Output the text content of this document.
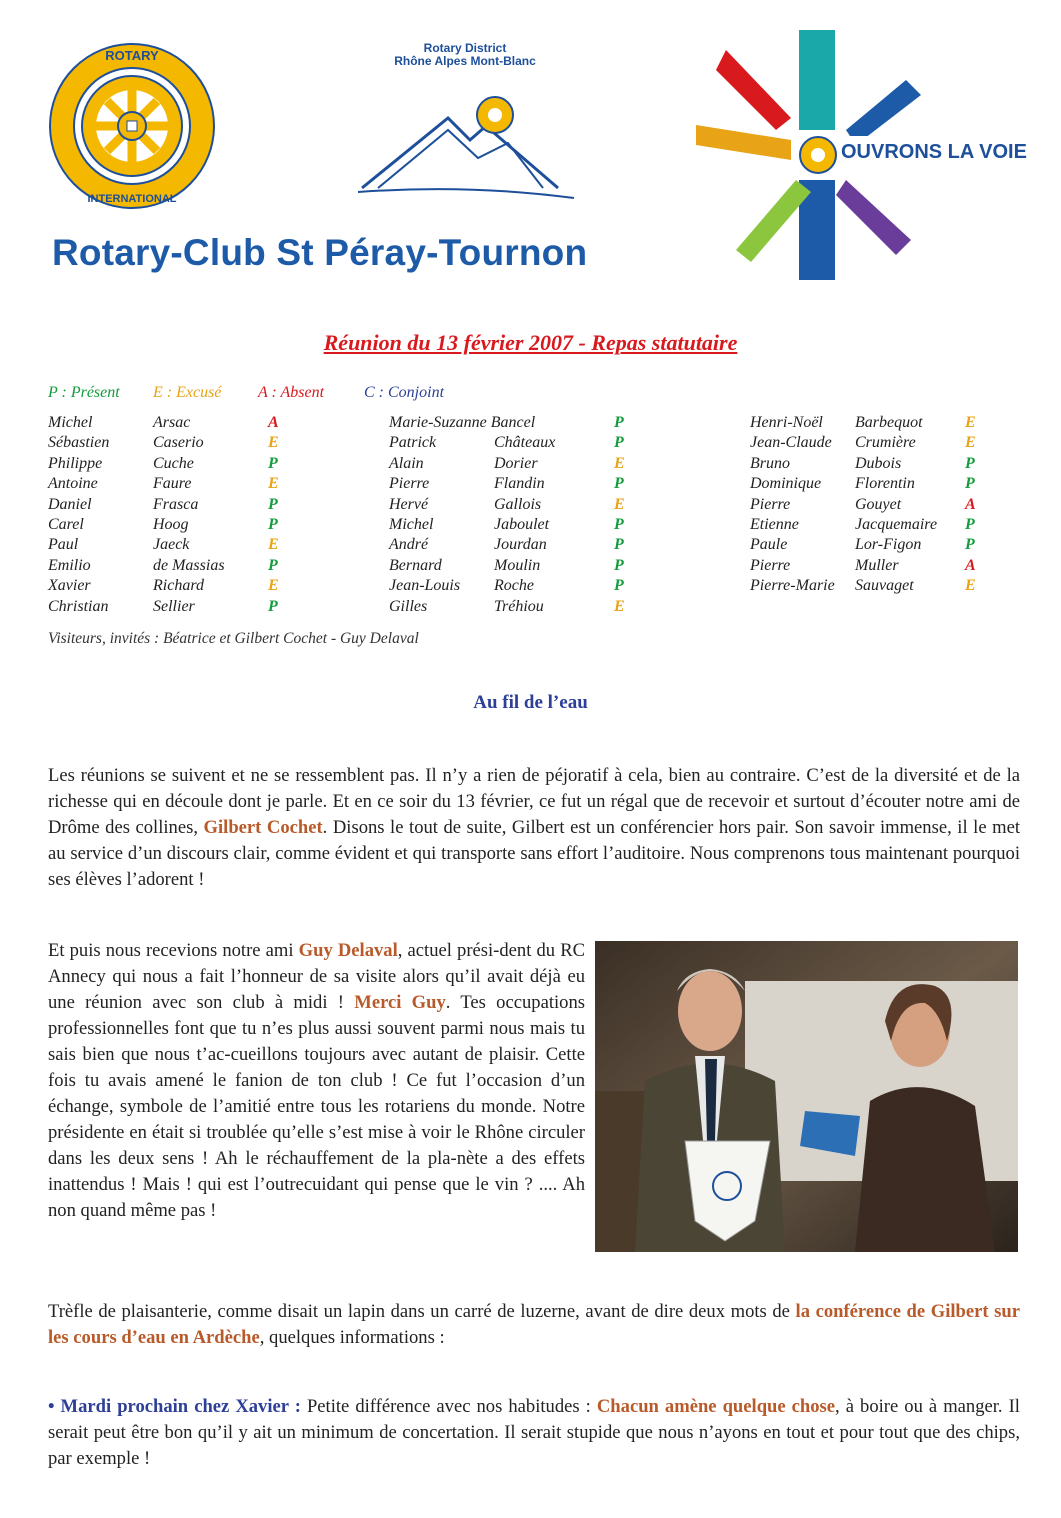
ROTARY
INTERNATIONAL
Rotary District
Rhône Alpes Mont-Blanc
OUVRONS LA VOIE
Rotary-Club St Péray-Tournon
Réunion du 13 février 2007 - Repas statutaire
P : Présent E : Excusé A : Absent C : Conjoint
Michel	Arsac	A
Sébastien	Caserio	E
Philippe	Cuche	P
Antoine	Faure	E
Daniel	Frasca	P
Carel	Hoog	P
Paul	Jaeck	E
Emilio	de Massias	P
Xavier	Richard	E
Christian	Sellier	P
Marie-Suzanne Bancel	P
Patrick	Châteaux	P
Alain	Dorier	E
Pierre	Flandin	P
Hervé	Gallois	E
Michel	Jaboulet	P
André	Jourdan	P
Bernard	Moulin	P
Jean-Louis Roche	P
Gilles	Tréhiou	E
Henri-Noël Barbequot	E
Jean-Claude Crumière	E
Bruno	Dubois	P
Dominique Florentin	P
Pierre	Gouyet	A
Etienne	Jacquemaire P
Paule	Lor-Figon	P
Pierre	Muller	A
Pierre-Marie Sauvaget	E
Visiteurs, invités : Béatrice et Gilbert Cochet - Guy Delaval
Au fil de l’eau
Les réunions se suivent et ne se ressemblent pas. Il n’y a rien de péjoratif à cela, bien au contraire. C’est de la diversité et de la richesse qui en découle dont je parle. Et en ce soir du 13 février, ce fut un régal que de recevoir et surtout d’écouter notre ami de Drôme des collines, Gilbert Cochet. Disons le tout de suite, Gilbert est un conférencier hors pair. Son savoir immense, il le met au service d’un discours clair, comme évident et qui transporte sans effort l’auditoire. Nous comprenons tous maintenant pourquoi ses élèves l’adorent !
Et puis nous recevions notre ami Guy Delaval, actuel prési-dent du RC Annecy qui nous a fait l’honneur de sa visite alors qu’il avait déjà eu une réunion avec son club à midi ! Merci Guy. Tes occupations professionnelles font que tu n’es plus aussi souvent parmi nous mais tu sais bien que nous t’ac-cueillons toujours avec autant de plaisir. Cette fois tu avais amené le fanion de ton club ! Ce fut l’occasion d’un échange, symbole de l’amitié entre tous les rotariens du monde. Notre présidente en était si troublée qu’elle s’est mise à voir le Rhône circuler dans les deux sens ! Ah le réchauffement de la pla-nète a des effets inattendus ! Mais ! qui est l’outrecuidant qui pense que le vin ? .... Ah non quand même pas !
Trèfle de plaisanterie, comme disait un lapin dans un carré de luzerne, avant de dire deux mots de la conférence de Gilbert sur les cours d’eau en Ardèche, quelques informations :
• Mardi prochain chez Xavier : Petite différence avec nos habitudes : Chacun amène quelque chose, à boire ou à manger. Il serait peut être bon qu’il y ait un minimum de concertation. Il serait stupide que nous n’ayons en tout et pour tout que des chips, par exemple !
